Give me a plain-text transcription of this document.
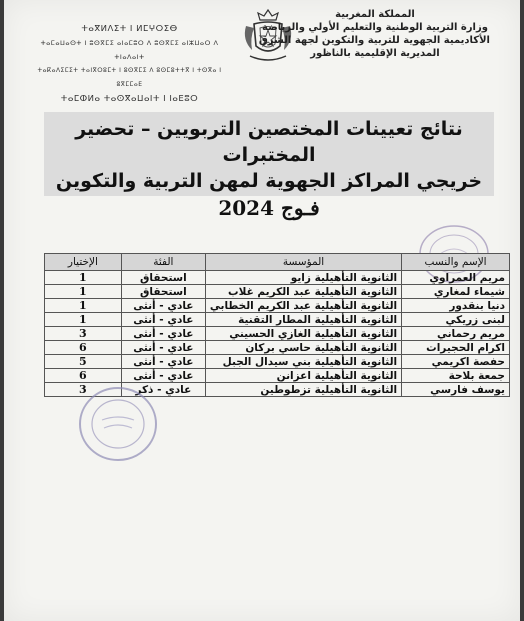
ⵜⴰⴳⵍⴷⵉⵜ ⵏ ⵍⵎⵖⵔⵉⴱ
ⵜⴰⵎⴰⵡⴰⵙⵜ ⵏ ⵓⵙⴳⵎⵉ ⴰⵏⴰⵎⵓⵔ ⴷ ⵓⵙⴳⵎⵉ ⴰⵏⵣⵡⴰⵔ ⴷ ⵜⵏⴰⴷⴰⵏⵜ
ⵜⴰⴽⴰⴷⵉⵎⵉⵜ ⵜⴰⵏⴳⵔⵓⵎⵜ ⵏ ⵓⵙⴳⵎⵉ ⴷ ⵓⵙⵎⵓⵜⵜⴳ ⵏ ⵜⵙⴳⴰ ⵏ ⵓⴳⵎⵎⴰⴹ
ⵜⴰⵎⵀⵍⴰ ⵜⴰⵙⴳⴰⵡⴰⵏⵜ ⵏ ⵏⴰⴹⵓⵔ
المملكة المغربية
وزارة التربية الوطنية والتعليم الأولي والرياضة
الأكاديمية الجهوية للتربية والتكوين لجهة الشرق
المديرية الإقليمية بالناظور
نتائج تعيينات المختصين التربويين – تحضير المختبرات
خريجي المراكز الجهوية لمهن التربية والتكوين
فـوج 2024
الإسم والنسب	المؤسسة	الفئة	الإختيار
مريم العمراوي	الثانوية التأهيلية زايو	استحقاق	1
شيماء لمغاري	الثانوية التأهيلية عبد الكريم غلاب	استحقاق	1
دنيا بنقدور	الثانوية التأهيلية عبد الكريم الخطابي	عادي - أنثى	1
لبنى زريكي	الثانوية التأهيلية المطار التقنية	عادي - أنثى	1
مريم رحماني	الثانوية التأهيلية الغازي الحسيني	عادي - أنثى	3
اكرام الحجيرات	الثانوية التأهيلية حاسي بركان	عادي - أنثى	6
حفصة اكريمي	الثانوية التأهيلية بني سيدال الجبل	عادي - أنثى	5
جمعة بلاحة	الثانوية التأهيلية اعزانن	عادي - أنثى	6
يوسف فارسي	الثانوية التأهيلية تزطوطين	عادي - ذكر	3
